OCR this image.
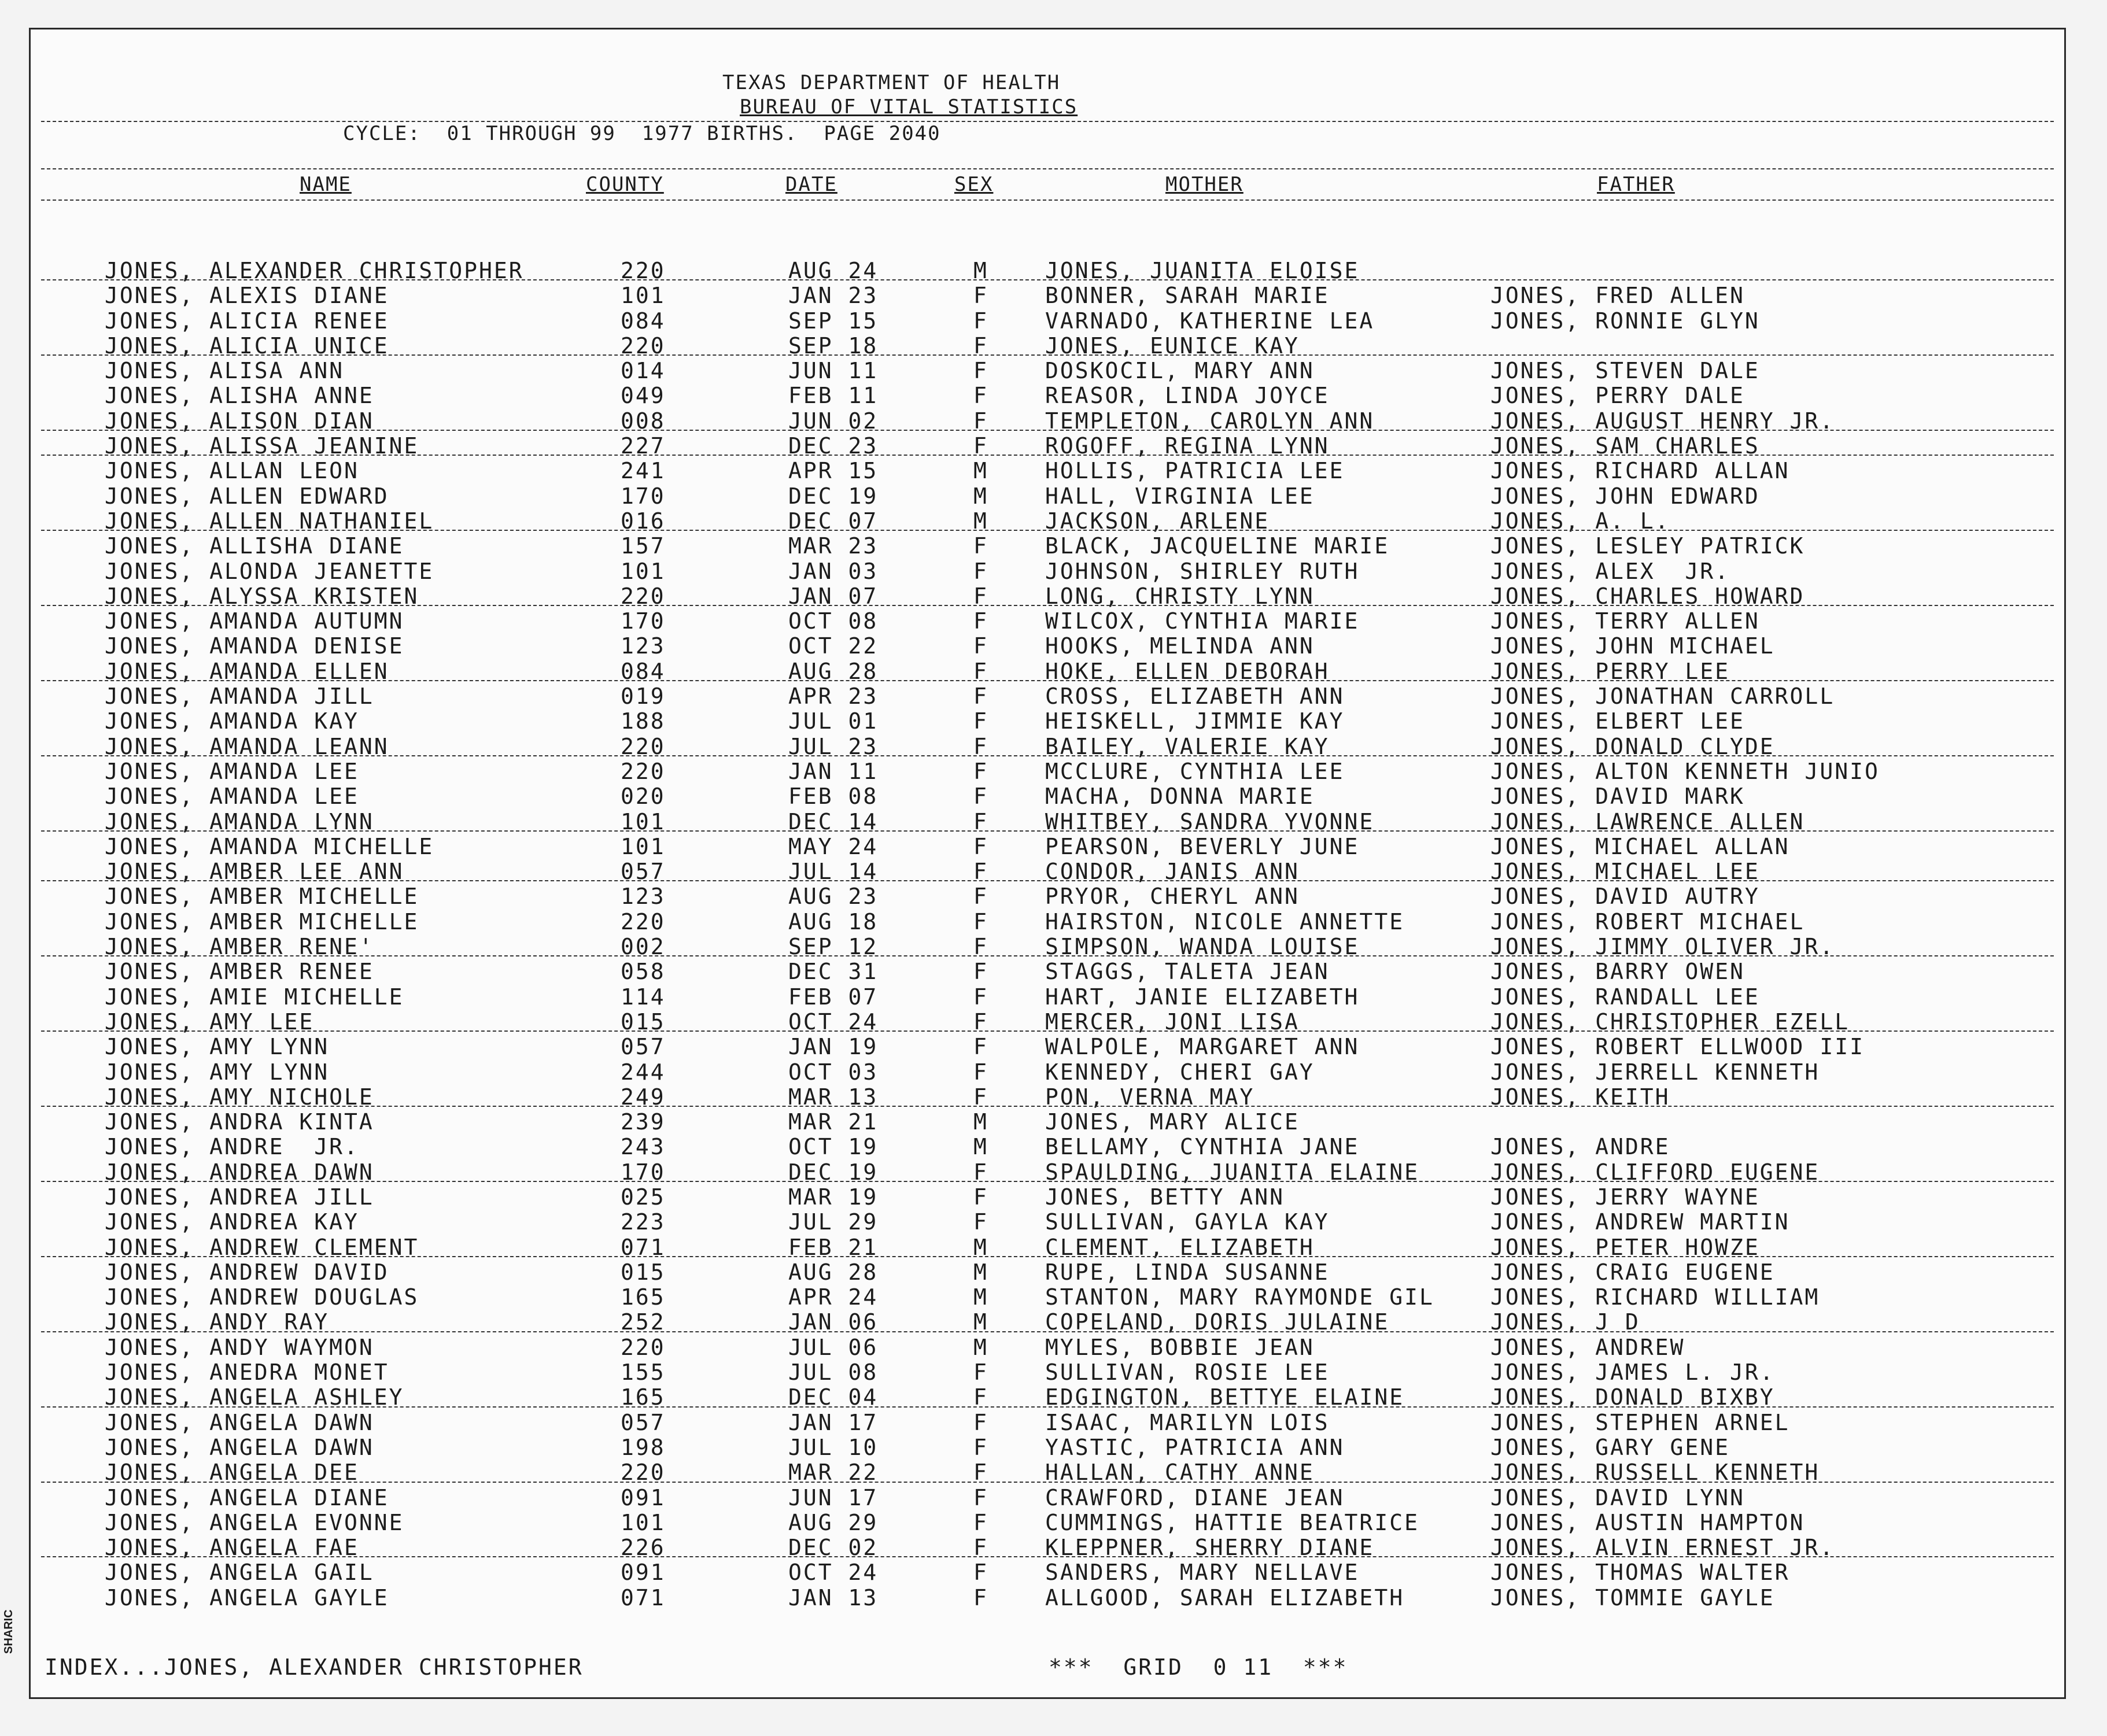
TEXAS DEPARTMENT OF HEALTH
BUREAU OF VITAL STATISTICS
CYCLE:  01 THROUGH 99  1977 BIRTHS.  PAGE 2040
NAME	COUNTY	DATE	SEX	MOTHER	FATHER
JONES, ALEXANDER CHRISTOPHER	220	AUG 24	M	JONES, JUANITA ELOISE
JONES, ALEXIS DIANE	101	JAN 23	F	BONNER, SARAH MARIE	JONES, FRED ALLEN
JONES, ALICIA RENEE	084	SEP 15	F	VARNADO, KATHERINE LEA	JONES, RONNIE GLYN
JONES, ALICIA UNICE	220	SEP 18	F	JONES, EUNICE KAY
JONES, ALISA ANN	014	JUN 11	F	DOSKOCIL, MARY ANN	JONES, STEVEN DALE
JONES, ALISHA ANNE	049	FEB 11	F	REASOR, LINDA JOYCE	JONES, PERRY DALE
JONES, ALISON DIAN	008	JUN 02	F	TEMPLETON, CAROLYN ANN	JONES, AUGUST HENRY JR.
JONES, ALISSA JEANINE	227	DEC 23	F	ROGOFF, REGINA LYNN	JONES, SAM CHARLES
JONES, ALLAN LEON	241	APR 15	M	HOLLIS, PATRICIA LEE	JONES, RICHARD ALLAN
JONES, ALLEN EDWARD	170	DEC 19	M	HALL, VIRGINIA LEE	JONES, JOHN EDWARD
JONES, ALLEN NATHANIEL	016	DEC 07	M	JACKSON, ARLENE	JONES, A. L.
JONES, ALLISHA DIANE	157	MAR 23	F	BLACK, JACQUELINE MARIE	JONES, LESLEY PATRICK
JONES, ALONDA JEANETTE	101	JAN 03	F	JOHNSON, SHIRLEY RUTH	JONES, ALEX  JR.
JONES, ALYSSA KRISTEN	220	JAN 07	F	LONG, CHRISTY LYNN	JONES, CHARLES HOWARD
JONES, AMANDA AUTUMN	170	OCT 08	F	WILCOX, CYNTHIA MARIE	JONES, TERRY ALLEN
JONES, AMANDA DENISE	123	OCT 22	F	HOOKS, MELINDA ANN	JONES, JOHN MICHAEL
JONES, AMANDA ELLEN	084	AUG 28	F	HOKE, ELLEN DEBORAH	JONES, PERRY LEE
JONES, AMANDA JILL	019	APR 23	F	CROSS, ELIZABETH ANN	JONES, JONATHAN CARROLL
JONES, AMANDA KAY	188	JUL 01	F	HEISKELL, JIMMIE KAY	JONES, ELBERT LEE
JONES, AMANDA LEANN	220	JUL 23	F	BAILEY, VALERIE KAY	JONES, DONALD CLYDE
JONES, AMANDA LEE	220	JAN 11	F	MCCLURE, CYNTHIA LEE	JONES, ALTON KENNETH JUNIO
JONES, AMANDA LEE	020	FEB 08	F	MACHA, DONNA MARIE	JONES, DAVID MARK
JONES, AMANDA LYNN	101	DEC 14	F	WHITBEY, SANDRA YVONNE	JONES, LAWRENCE ALLEN
JONES, AMANDA MICHELLE	101	MAY 24	F	PEARSON, BEVERLY JUNE	JONES, MICHAEL ALLAN
JONES, AMBER LEE ANN	057	JUL 14	F	CONDOR, JANIS ANN	JONES, MICHAEL LEE
JONES, AMBER MICHELLE	123	AUG 23	F	PRYOR, CHERYL ANN	JONES, DAVID AUTRY
JONES, AMBER MICHELLE	220	AUG 18	F	HAIRSTON, NICOLE ANNETTE	JONES, ROBERT MICHAEL
JONES, AMBER RENE'	002	SEP 12	F	SIMPSON, WANDA LOUISE	JONES, JIMMY OLIVER JR.
JONES, AMBER RENEE	058	DEC 31	F	STAGGS, TALETA JEAN	JONES, BARRY OWEN
JONES, AMIE MICHELLE	114	FEB 07	F	HART, JANIE ELIZABETH	JONES, RANDALL LEE
JONES, AMY LEE	015	OCT 24	F	MERCER, JONI LISA	JONES, CHRISTOPHER EZELL
JONES, AMY LYNN	057	JAN 19	F	WALPOLE, MARGARET ANN	JONES, ROBERT ELLWOOD III
JONES, AMY LYNN	244	OCT 03	F	KENNEDY, CHERI GAY	JONES, JERRELL KENNETH
JONES, AMY NICHOLE	249	MAR 13	F	PON, VERNA MAY	JONES, KEITH
JONES, ANDRA KINTA	239	MAR 21	M	JONES, MARY ALICE
JONES, ANDRE  JR.	243	OCT 19	M	BELLAMY, CYNTHIA JANE	JONES, ANDRE
JONES, ANDREA DAWN	170	DEC 19	F	SPAULDING, JUANITA ELAINE	JONES, CLIFFORD EUGENE
JONES, ANDREA JILL	025	MAR 19	F	JONES, BETTY ANN	JONES, JERRY WAYNE
JONES, ANDREA KAY	223	JUL 29	F	SULLIVAN, GAYLA KAY	JONES, ANDREW MARTIN
JONES, ANDREW CLEMENT	071	FEB 21	M	CLEMENT, ELIZABETH	JONES, PETER HOWZE
JONES, ANDREW DAVID	015	AUG 28	M	RUPE, LINDA SUSANNE	JONES, CRAIG EUGENE
JONES, ANDREW DOUGLAS	165	APR 24	M	STANTON, MARY RAYMONDE GIL	JONES, RICHARD WILLIAM
JONES, ANDY RAY	252	JAN 06	M	COPELAND, DORIS JULAINE	JONES, J D
JONES, ANDY WAYMON	220	JUL 06	M	MYLES, BOBBIE JEAN	JONES, ANDREW
JONES, ANEDRA MONET	155	JUL 08	F	SULLIVAN, ROSIE LEE	JONES, JAMES L. JR.
JONES, ANGELA ASHLEY	165	DEC 04	F	EDGINGTON, BETTYE ELAINE	JONES, DONALD BIXBY
JONES, ANGELA DAWN	057	JAN 17	F	ISAAC, MARILYN LOIS	JONES, STEPHEN ARNEL
JONES, ANGELA DAWN	198	JUL 10	F	YASTIC, PATRICIA ANN	JONES, GARY GENE
JONES, ANGELA DEE	220	MAR 22	F	HALLAN, CATHY ANNE	JONES, RUSSELL KENNETH
JONES, ANGELA DIANE	091	JUN 17	F	CRAWFORD, DIANE JEAN	JONES, DAVID LYNN
JONES, ANGELA EVONNE	101	AUG 29	F	CUMMINGS, HATTIE BEATRICE	JONES, AUSTIN HAMPTON
JONES, ANGELA FAE	226	DEC 02	F	KLEPPNER, SHERRY DIANE	JONES, ALVIN ERNEST JR.
JONES, ANGELA GAIL	091	OCT 24	F	SANDERS, MARY NELLAVE	JONES, THOMAS WALTER
JONES, ANGELA GAYLE	071	JAN 13	F	ALLGOOD, SARAH ELIZABETH	JONES, TOMMIE GAYLE
INDEX...JONES, ALEXANDER CHRISTOPHER	***  GRID  0 11  ***
SHARIC
